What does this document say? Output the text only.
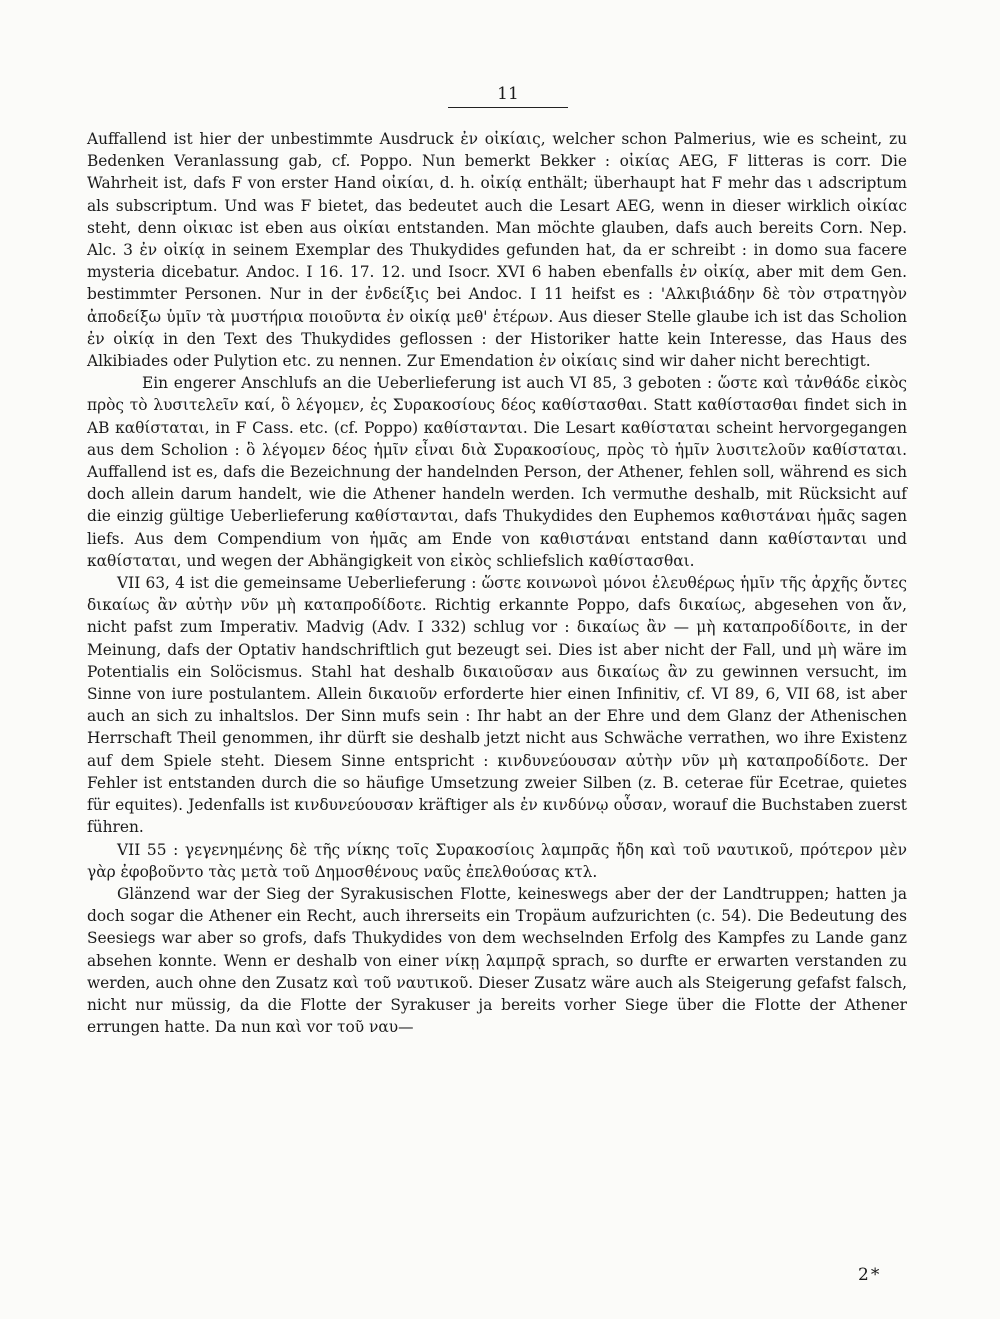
11

Auffallend ist hier der unbestimmte Ausdruck ἐν οἰκίαις, welcher schon Palmerius, wie es scheint, zu Bedenken Veranlassung gab, cf. Poppo. Nun bemerkt Bekker : οἰκίας AEG, F litteras is corr. Die Wahrheit ist, dafs F von erster Hand οἰκίαι, d. h. οἰκίᾳ enthält; überhaupt hat F mehr das ι adscriptum als subscriptum. Und was F bietet, das bedeutet auch die Lesart AEG, wenn in dieser wirklich οἰκίαc steht, denn οἰκιαc ist eben aus οἰκίαι entstanden. Man möchte glauben, dafs auch bereits Corn. Nep. Alc. 3 ἐν οἰκίᾳ in seinem Exemplar des Thukydides gefunden hat, da er schreibt : in domo sua facere mysteria dicebatur. Andoc. I 16. 17. 12. und Isocr. XVI 6 haben ebenfalls ἐν οἰκίᾳ, aber mit dem Gen. bestimmter Personen. Nur in der ἐνδείξις bei Andoc. I 11 heifst es : 'Αλκιβιάδην δὲ τὸν στρατηγὸν ἀποδείξω ὑμῖν τὰ μυστήρια ποιοῦντα ἐν οἰκίᾳ μεθ' ἑτέρων. Aus dieser Stelle glaube ich ist das Scholion ἐν οἰκίᾳ in den Text des Thukydides geflossen : der Historiker hatte kein Interesse, das Haus des Alkibiades oder Pulytion etc. zu nennen. Zur Emendation ἐν οἰκίαις sind wir daher nicht berechtigt.

Ein engerer Anschlufs an die Ueberlieferung ist auch VI 85, 3 geboten : ὥστε καὶ τἀνθάδε εἰκὸς πρὸς τὸ λυσιτελεῖν καί, ὃ λέγομεν, ἐς Συρακοσίους δέος καθίστασθαι. Statt καθίστασθαι findet sich in AB καθίσταται, in F Cass. etc. (cf. Poppo) καθίστανται. Die Lesart καθίσταται scheint hervorgegangen aus dem Scholion : ὃ λέγομεν δέος ἡμῖν εἶναι διὰ Συρακοσίους, πρὸς τὸ ἡμῖν λυσιτελοῦν καθίσταται. Auffallend ist es, dafs die Bezeichnung der handelnden Person, der Athener, fehlen soll, während es sich doch allein darum handelt, wie die Athener handeln werden. Ich vermuthe deshalb, mit Rücksicht auf die einzig gültige Ueberlieferung καθίστανται, dafs Thukydides den Euphemos καθιστάναι ἡμᾶς sagen liefs. Aus dem Compendium von ἡμᾶς am Ende von καθιστάναι entstand dann καθίστανται und καθίσταται, und wegen der Abhängigkeit von εἰκὸς schliefslich καθίστασθαι.

VII 63, 4 ist die gemeinsame Ueberlieferung : ὥστε κοινωνοὶ μόνοι ἐλευθέρως ἡμῖν τῆς ἀρχῆς ὄντες δικαίως ἂν αὐτὴν νῦν μὴ καταπροδίδοτε. Richtig erkannte Poppo, dafs δικαίως, abgesehen von ἄν, nicht pafst zum Imperativ. Madvig (Adv. I 332) schlug vor : δικαίως ἂν — μὴ καταπροδίδοιτε, in der Meinung, dafs der Optativ handschriftlich gut bezeugt sei. Dies ist aber nicht der Fall, und μὴ wäre im Potentialis ein Solöcismus. Stahl hat deshalb δικαιοῦσαν aus δικαίως ἂν zu gewinnen versucht, im Sinne von iure postulantem. Allein δικαιοῦν erforderte hier einen Infinitiv, cf. VI 89, 6, VII 68, ist aber auch an sich zu inhaltslos. Der Sinn mufs sein : Ihr habt an der Ehre und dem Glanz der Athenischen Herrschaft Theil genommen, ihr dürft sie deshalb jetzt nicht aus Schwäche verrathen, wo ihre Existenz auf dem Spiele steht. Diesem Sinne entspricht : κινδυνεύουσαν αὐτὴν νῦν μὴ καταπροδίδοτε. Der Fehler ist entstanden durch die so häufige Umsetzung zweier Silben (z. B. ceterae für Ecetrae, quietes für equites). Jedenfalls ist κινδυνεύουσαν kräftiger als ἐν κινδύνῳ οὖσαν, worauf die Buchstaben zuerst führen.

VII 55 : γεγενημένης δὲ τῆς νίκης τοῖς Συρακοσίοις λαμπρᾶς ἤδη καὶ τοῦ ναυτικοῦ, πρότερον μὲν γὰρ ἐφοβοῦντο τὰς μετὰ τοῦ Δημοσθένους ναῦς ἐπελθούσας κτλ.

Glänzend war der Sieg der Syrakusischen Flotte, keineswegs aber der der Landtruppen; hatten ja doch sogar die Athener ein Recht, auch ihrerseits ein Tropäum aufzurichten (c. 54). Die Bedeutung des Seesiegs war aber so grofs, dafs Thukydides von dem wechselnden Erfolg des Kampfes zu Lande ganz absehen konnte. Wenn er deshalb von einer νίκῃ λαμπρᾷ sprach, so durfte er erwarten verstanden zu werden, auch ohne den Zusatz καὶ τοῦ ναυτικοῦ. Dieser Zusatz wäre auch als Steigerung gefafst falsch, nicht nur müssig, da die Flotte der Syrakuser ja bereits vorher Siege über die Flotte der Athener errungen hatte. Da nun καὶ vor τοῦ ναυ—

2*
